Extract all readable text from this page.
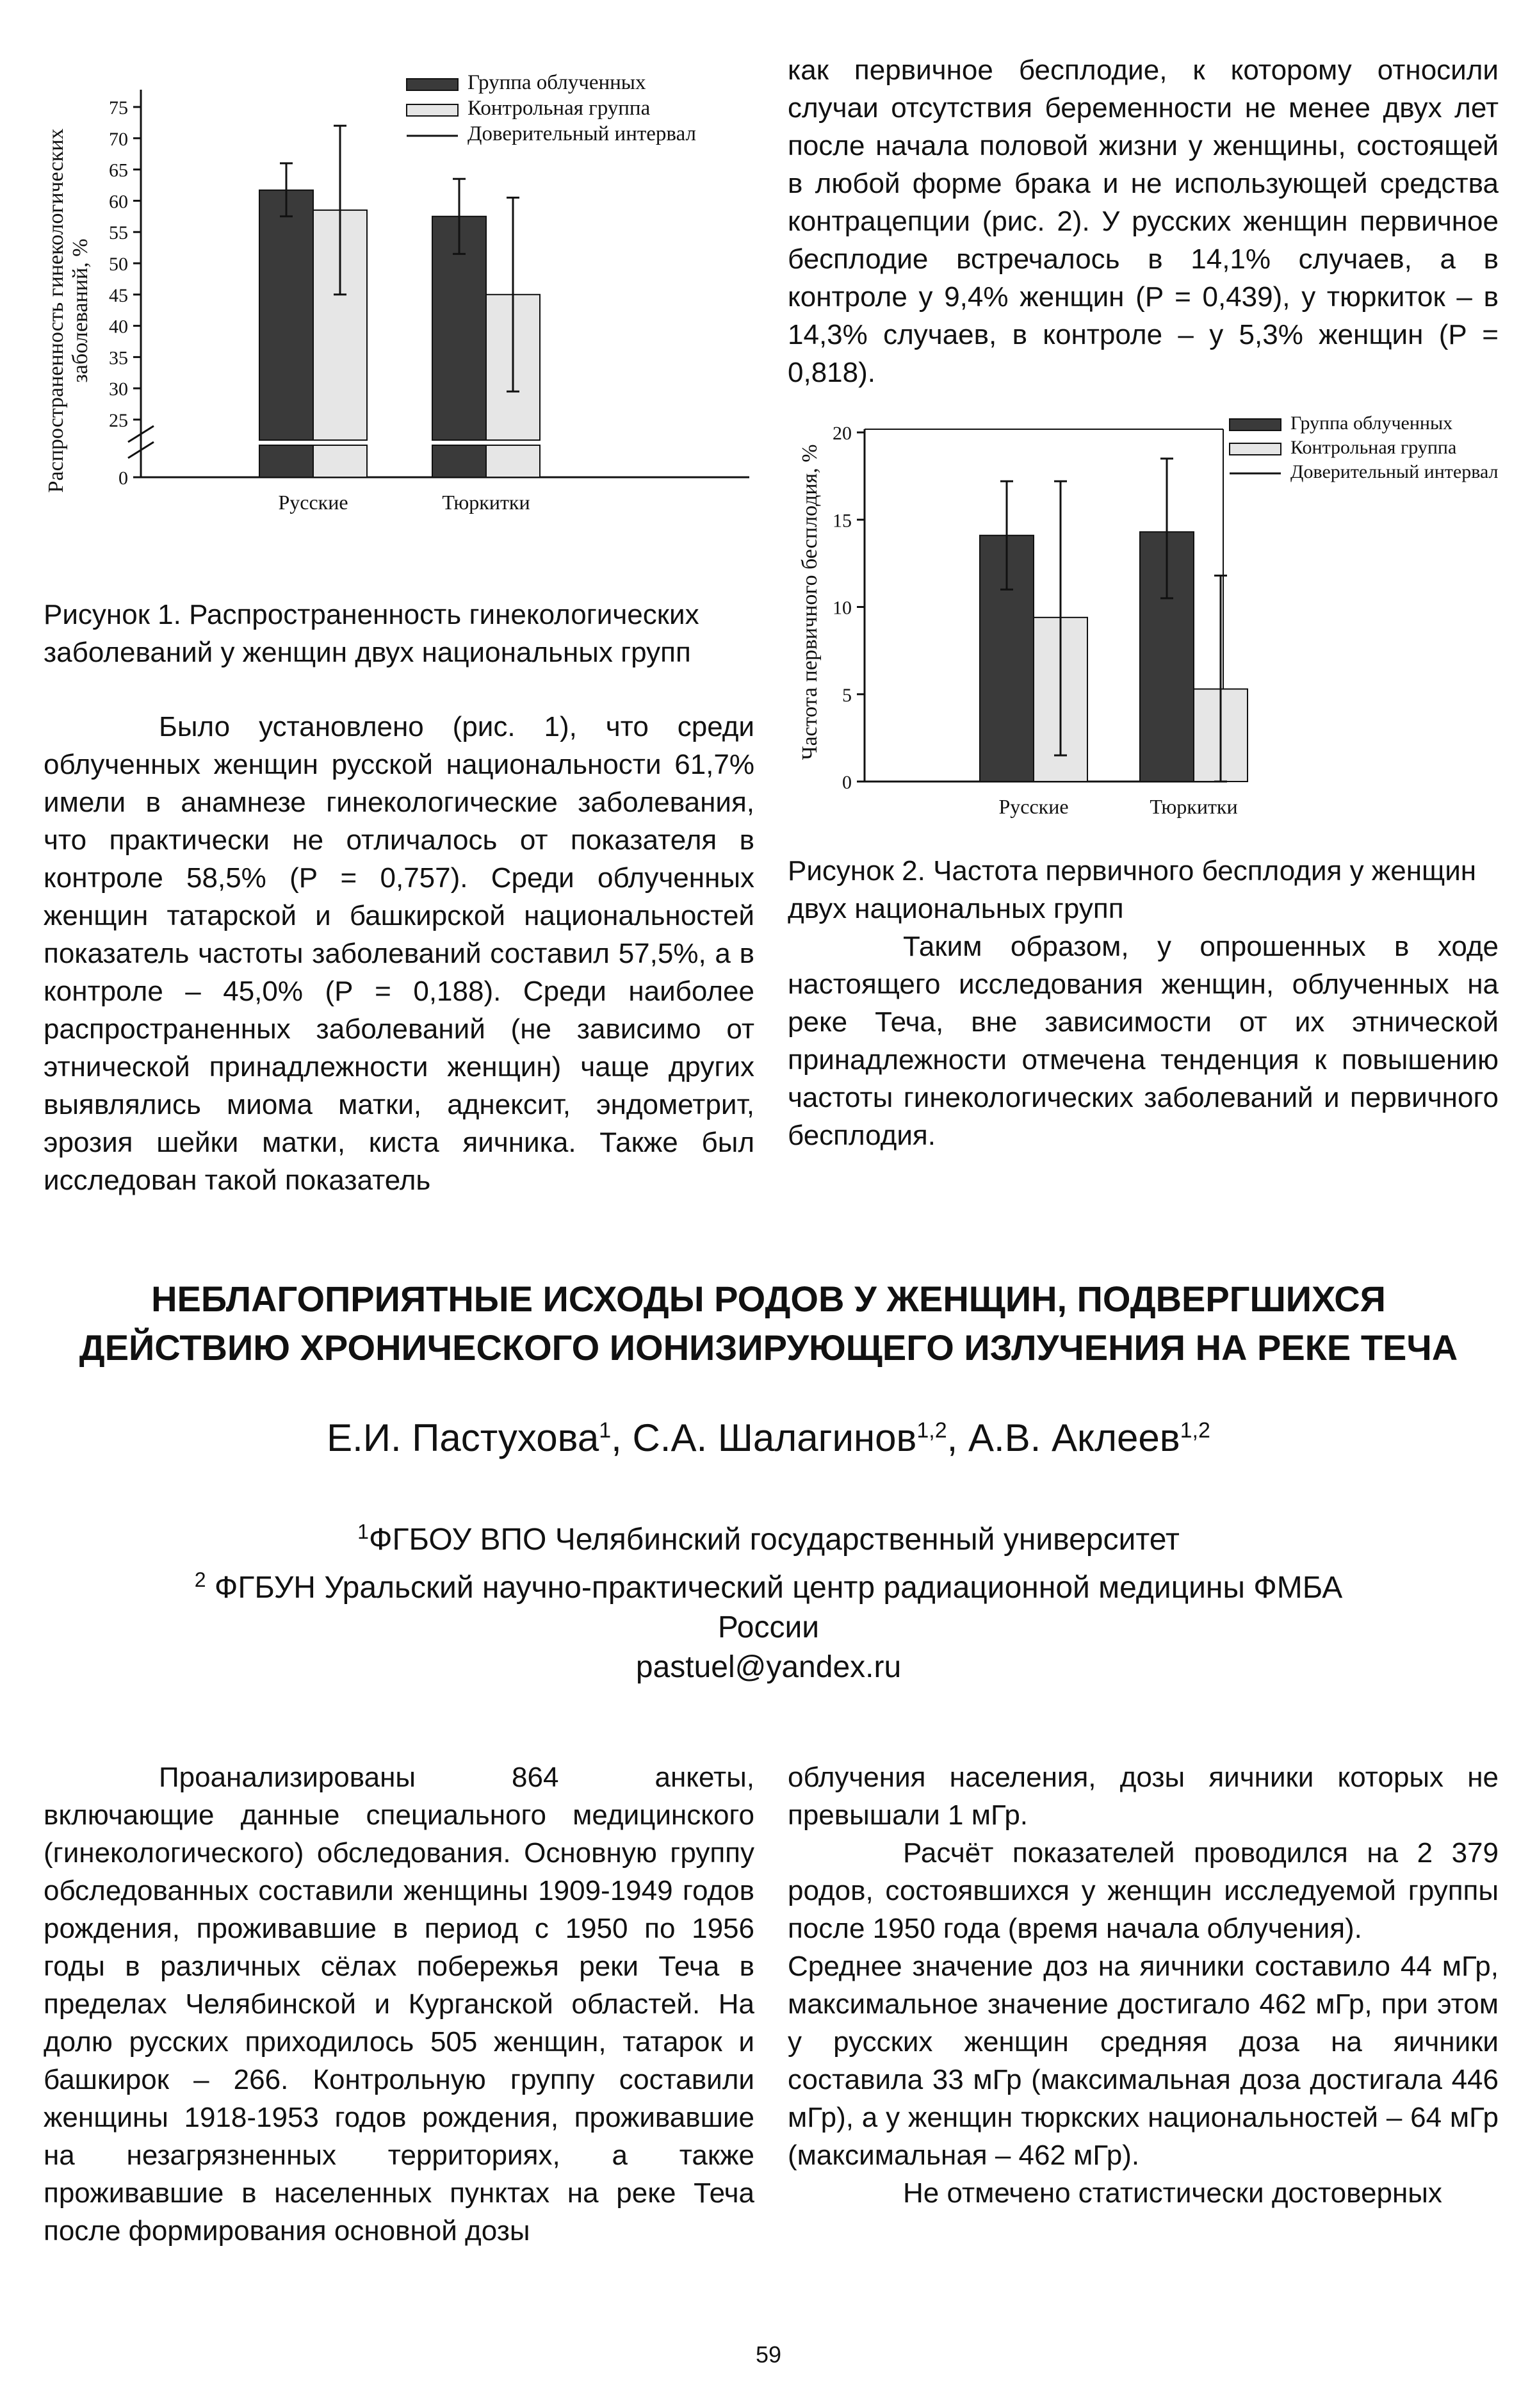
Распространенность гинекологических заболеваний, %
0
25
30
35
40
45
50
55
60
65
70
75
Русские	Тюркитки
Группа облученных
Контрольная группа
Доверительный интервал
Рисунок 1. Распространенность гинекологических заболеваний у женщин двух национальных групп

Было установлено (рис. 1), что среди облученных женщин русской национальности 61,7% имели в анамнезе гинекологические заболевания, что практически не отличалось от показателя в контроле 58,5% (P = 0,757). Среди облученных женщин татарской и башкирской национальностей показатель частоты заболеваний составил 57,5%, а в контроле – 45,0% (P = 0,188). Среди наиболее распространенных заболеваний (не зависимо от этнической принадлежности женщин) чаще других выявлялись миома матки, аднексит, эндометрит, эрозия шейки матки, киста яичника. Также был исследован такой показатель

как первичное бесплодие, к которому относили случаи отсутствия беременности не менее двух лет после начала половой жизни у женщины, состоящей в любой форме брака и не использующей средства контрацепции (рис. 2). У русских женщин первичное бесплодие встречалось в 14,1% случаев, а в контроле у 9,4% женщин (P = 0,439), у тюркиток – в 14,3% случаев, в контроле – у 5,3% женщин (P = 0,818).

Частота первичного бесплодия, %
0
5
10
15
20
Русские	Тюркитки
Группа облученных
Контрольная группа
Доверительный интервал
Рисунок 2. Частота первичного бесплодия у женщин двух национальных групп

Таким образом, у опрошенных в ходе настоящего исследования женщин, облученных на реке Теча, вне зависимости от их этнической принадлежности отмечена тенденция к повышению частоты гинекологических заболеваний и первичного бесплодия.

НЕБЛАГОПРИЯТНЫЕ ИСХОДЫ РОДОВ У ЖЕНЩИН, ПОДВЕРГШИХСЯ
ДЕЙСТВИЮ ХРОНИЧЕСКОГО ИОНИЗИРУЮЩЕГО ИЗЛУЧЕНИЯ НА РЕКЕ ТЕЧА
Е.И. Пастухова$^1$, С.А. Шалагинов$^{1,2}$, А.В. Аклеев$^{1,2}$
$^1$ФГБОУ ВПО Челябинский государственный университет
$^2$ ФГБУН Уральский научно-практический центр радиационной медицины ФМБА
России
pastuel@yandex.ru

Проанализированы 864 анкеты, включающие данные специального медицинского (гинекологического) обследования. Основную группу обследованных составили женщины 1909-1949 годов рождения, проживавшие в период с 1950 по 1956 годы в различных сёлах побережья реки Теча в пределах Челябинской и Курганской областей. На долю русских приходилось 505 женщин, татарок и башкирок – 266. Контрольную группу составили женщины 1918-1953 годов рождения, проживавшие на незагрязненных территориях, а также проживавшие в населенных пунктах на реке Теча после формирования основной дозы

облучения населения, дозы яичники которых не превышали 1 мГр.

Расчёт показателей проводился на 2 379 родов, состоявшихся у женщин исследуемой группы после 1950 года (время начала облучения).

Среднее значение доз на яичники составило 44 мГр, максимальное значение достигало 462 мГр, при этом у русских женщин средняя доза на яичники составила 33 мГр (максимальная доза достигала 446 мГр), а у женщин тюркских национальностей – 64 мГр (максимальная – 462 мГр).

Не отмечено статистически достоверных

59
